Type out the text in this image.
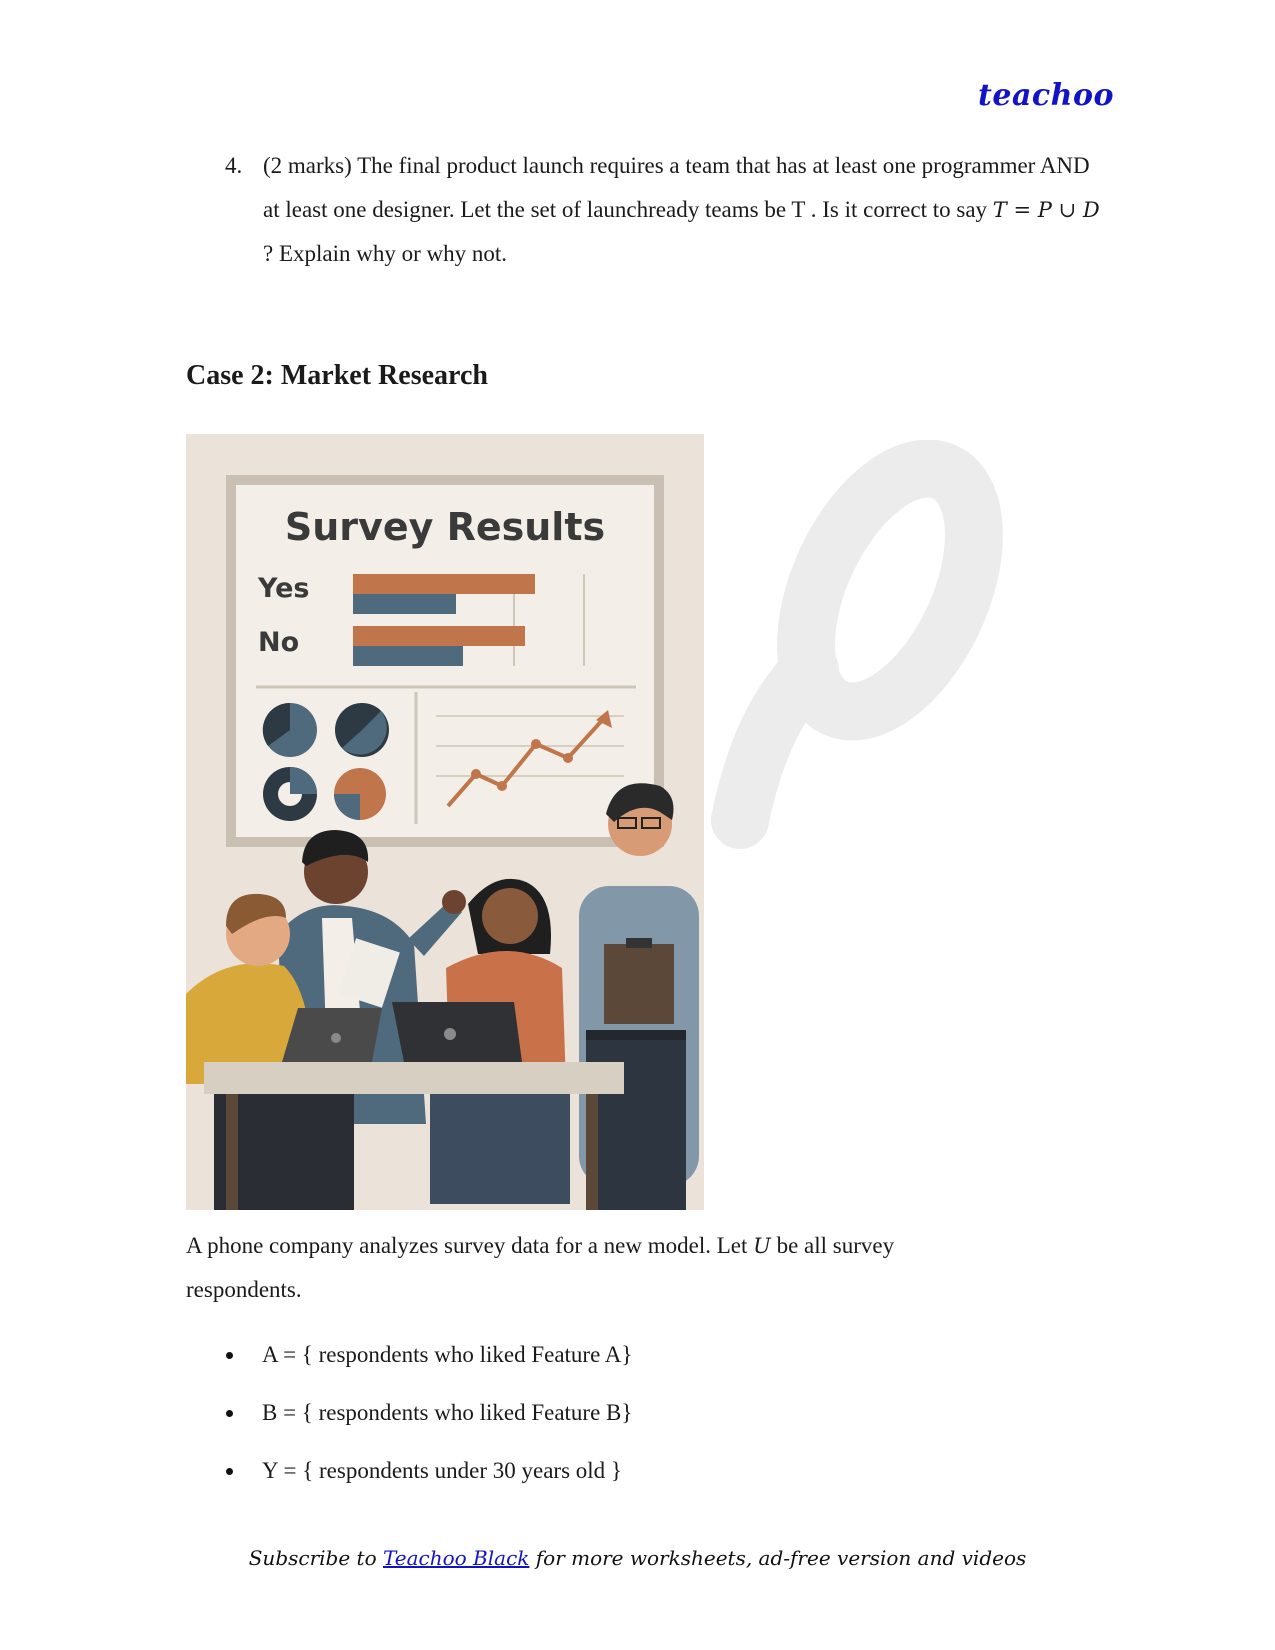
teachoo
4. (2 marks) The final product launch requires a team that has at least one programmer AND at least one designer. Let the set of launchready teams be T . Is it correct to say T = P ∪ D ? Explain why or why not.
Case 2: Market Research
Survey Results
Yes
No
A phone company analyzes survey data for a new model. Let U be all survey respondents.
A = { respondents who liked Feature A}
B = { respondents who liked Feature B}
Y = { respondents under 30 years old }
Subscribe to Teachoo Black for more worksheets, ad-free version and videos
